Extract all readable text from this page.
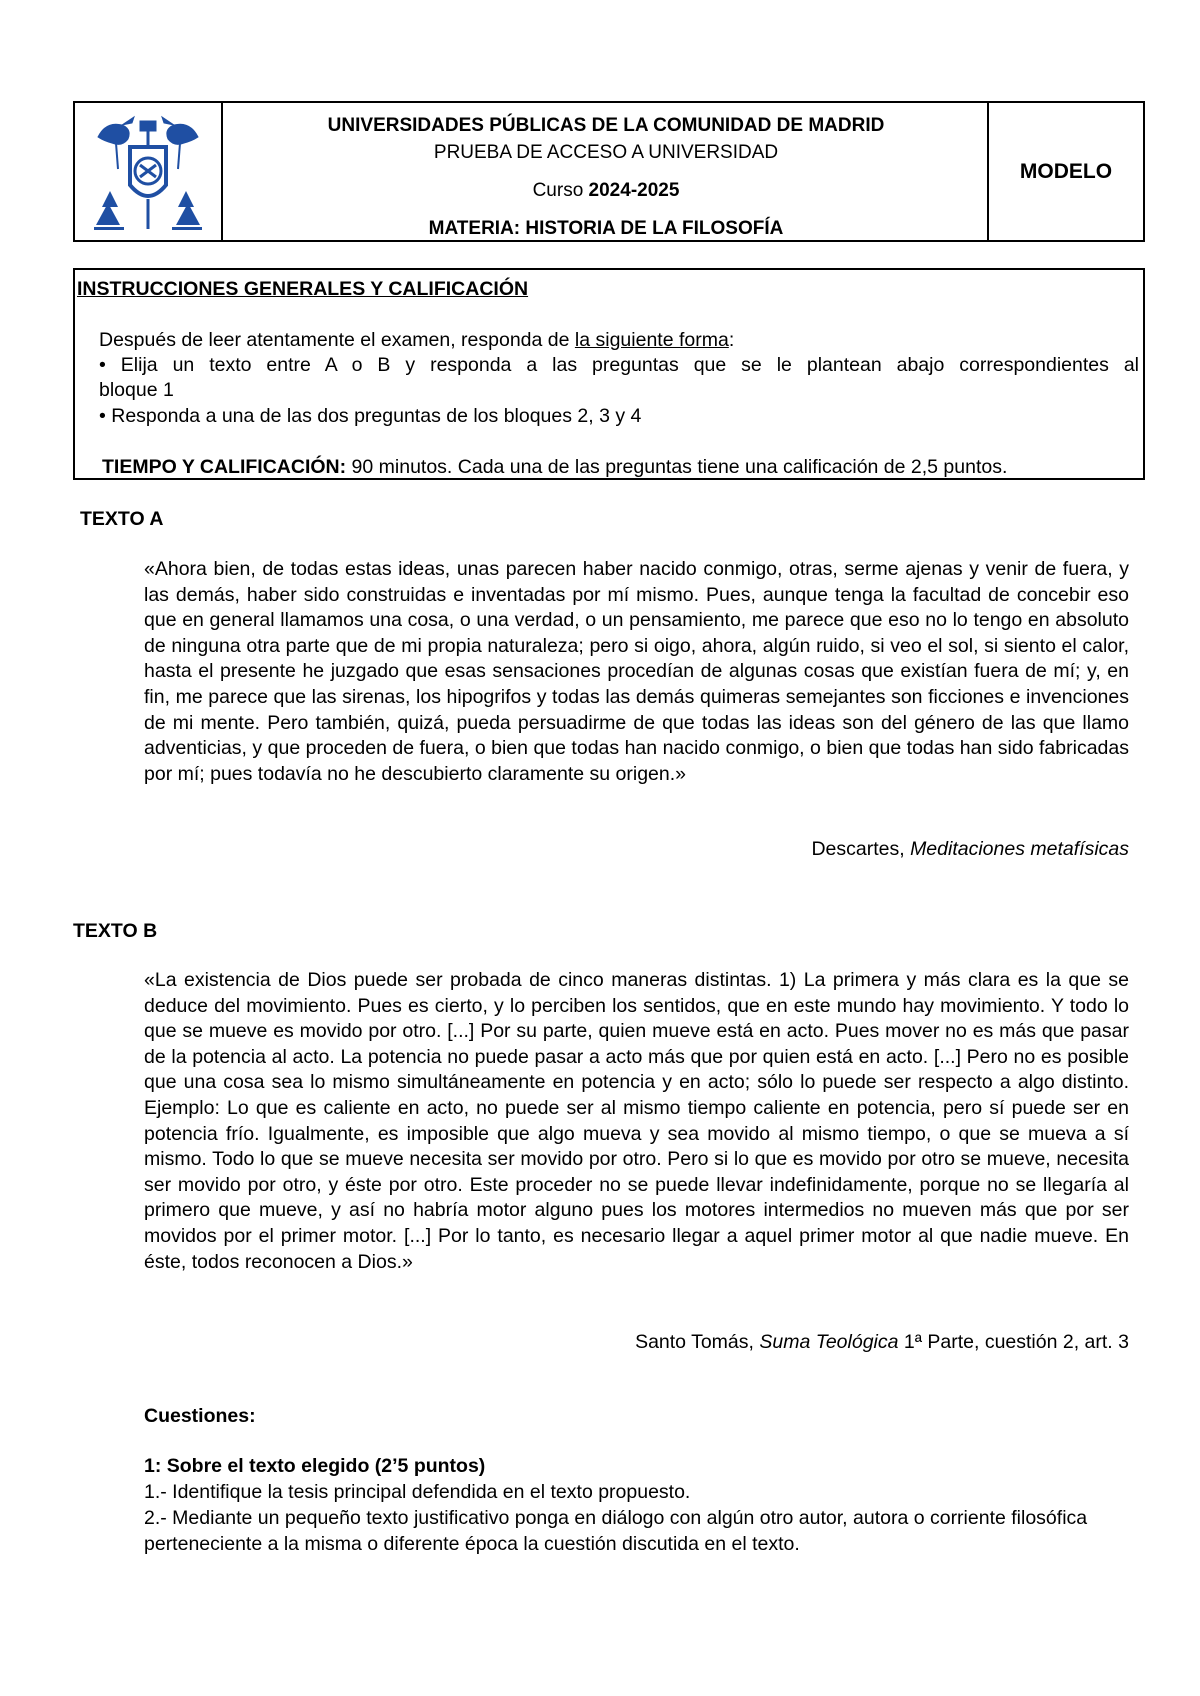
MODELO
UNIVERSIDADES PÚBLICAS DE LA COMUNIDAD DE MADRID
PRUEBA DE ACCESO A UNIVERSIDAD
Curso 2024-2025
MATERIA: HISTORIA DE LA FILOSOFÍA
INSTRUCCIONES GENERALES Y CALIFICACIÓN
Después de leer atentamente el examen, responda de la siguiente forma:
• Elija un texto entre A o B y responda a las preguntas que se le plantean abajo correspondientes al
bloque 1
• Responda a una de las dos preguntas de los bloques 2, 3 y 4
TIEMPO Y CALIFICACIÓN: 90 minutos. Cada una de las preguntas tiene una calificación de 2,5 puntos.
TEXTO A
«Ahora bien, de todas estas ideas, unas parecen haber nacido conmigo, otras, serme ajenas y venir de fuera, y las demás, haber sido construidas e inventadas por mí mismo. Pues, aunque tenga la facultad de concebir eso que en general llamamos una cosa, o una verdad, o un pensamiento, me parece que eso no lo tengo en absoluto de ninguna otra parte que de mi propia naturaleza; pero si oigo, ahora, algún ruido, si veo el sol, si siento el calor, hasta el presente he juzgado que esas sensaciones procedían de algunas cosas que existían fuera de mí; y, en fin, me parece que las sirenas, los hipogrifos y todas las demás quimeras semejantes son ficciones e invenciones de mi mente. Pero también, quizá, pueda persuadirme de que todas las ideas son del género de las que llamo adventicias, y que proceden de fuera, o bien que todas han nacido conmigo, o bien que todas han sido fabricadas por mí; pues todavía no he descubierto claramente su origen.»
Descartes, Meditaciones metafísicas
TEXTO B
«La existencia de Dios puede ser probada de cinco maneras distintas. 1) La primera y más clara es la que se deduce del movimiento. Pues es cierto, y lo perciben los sentidos, que en este mundo hay movimiento. Y todo lo que se mueve es movido por otro. [...] Por su parte, quien mueve está en acto. Pues mover no es más que pasar de la potencia al acto. La potencia no puede pasar a acto más que por quien está en acto. [...] Pero no es posible que una cosa sea lo mismo simultáneamente en potencia y en acto; sólo lo puede ser respecto a algo distinto. Ejemplo: Lo que es caliente en acto, no puede ser al mismo tiempo caliente en potencia, pero sí puede ser en potencia frío. Igualmente, es imposible que algo mueva y sea movido al mismo tiempo, o que se mueva a sí mismo. Todo lo que se mueve necesita ser movido por otro. Pero si lo que es movido por otro se mueve, necesita ser movido por otro, y éste por otro. Este proceder no se puede llevar indefinidamente, porque no se llegaría al primero que mueve, y así no habría motor alguno pues los motores intermedios no mueven más que por ser movidos por el primer motor. [...] Por lo tanto, es necesario llegar a aquel primer motor al que nadie mueve. En éste, todos reconocen a Dios.»
Santo Tomás, Suma Teológica 1ª Parte, cuestión 2, art. 3
Cuestiones:
1: Sobre el texto elegido (2’5 puntos)
1.- Identifique la tesis principal defendida en el texto propuesto.
2.- Mediante un pequeño texto justificativo ponga en diálogo con algún otro autor, autora o corriente filosófica perteneciente a la misma o diferente época la cuestión discutida en el texto.
